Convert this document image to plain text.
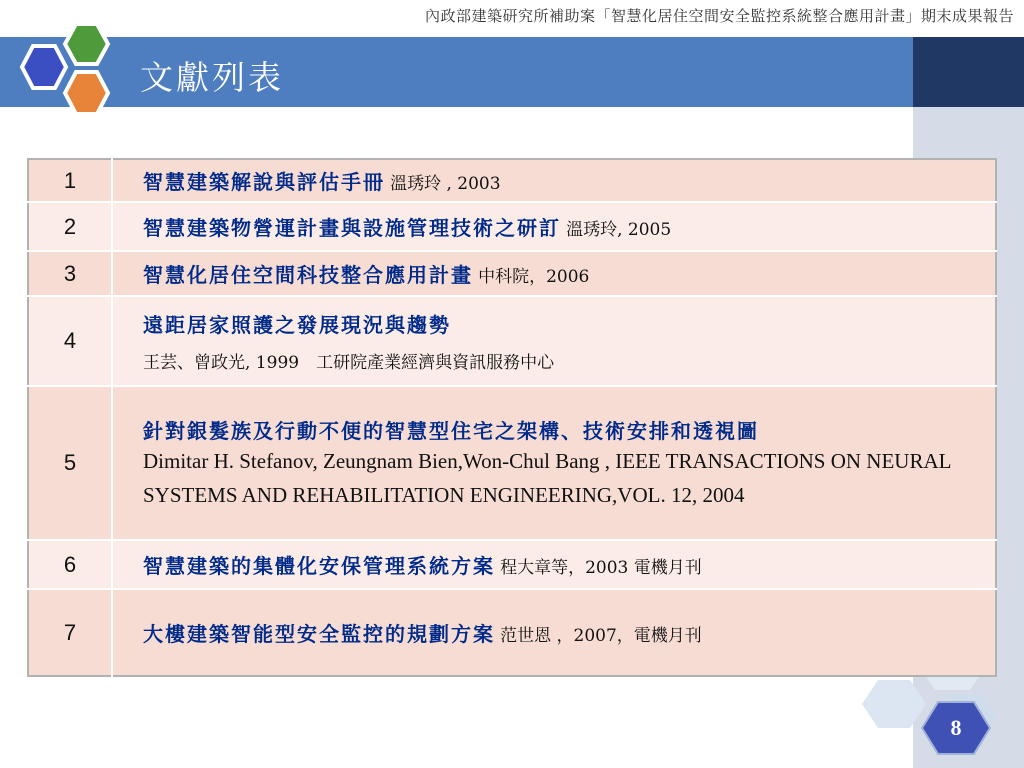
內政部建築研究所補助案「智慧化居住空間安全監控系統整合應用計畫」期末成果報告
文獻列表
1	智慧建築解說與評估手冊 溫琇玲 , 2003
2	智慧建築物營運計畫與設施管理技術之研訂 溫琇玲, 2005
3	智慧化居住空間科技整合應用計畫 中科院，2006
4	遠距居家照護之發展現況與趨勢
王芸、曾政光, 1999　工研院產業經濟與資訊服務中心

5	針對銀髮族及行動不便的智慧型住宅之架構、技術安排和透視圖
Dimitar H. Stefanov, Zeungnam Bien,Won-Chul Bang , IEEE TRANSACTIONS ON NEURAL SYSTEMS AND REHABILITATION ENGINEERING,VOL. 12, 2004

6	智慧建築的集體化安保管理系統方案 程大章等，2003 電機月刊
7	大樓建築智能型安全監控的規劃方案 范世恩 ，2007，電機月刊
8
